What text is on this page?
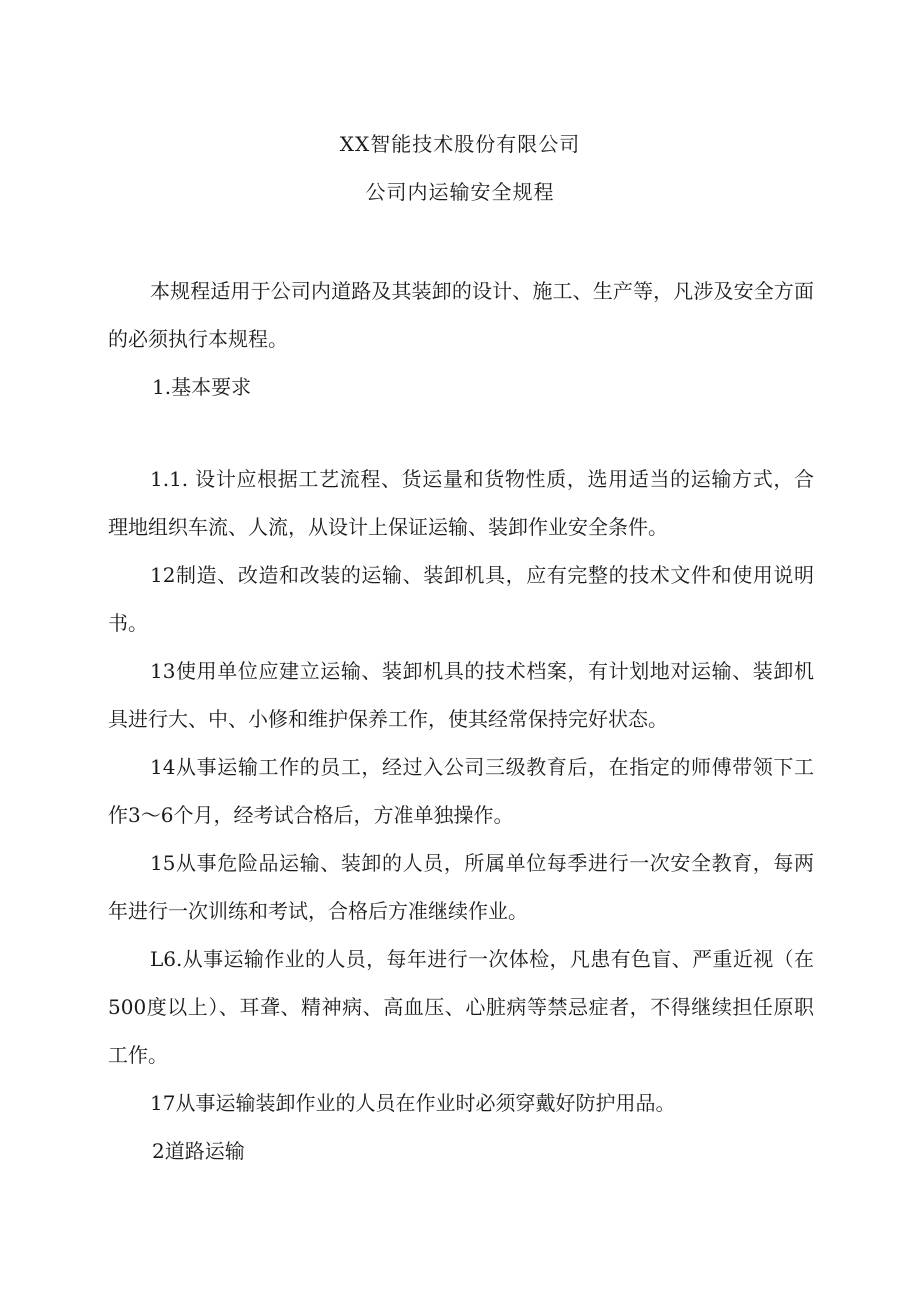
XX智能技术股份有限公司
公司内运输安全规程

本规程适用于公司内道路及其装卸的设计、施工、生产等，凡涉及安全方面的必须执行本规程。

1.基本要求

1.1. 设计应根据工艺流程、货运量和货物性质，选用适当的运输方式，合理地组织车流、人流，从设计上保证运输、装卸作业安全条件。

12制造、改造和改装的运输、装卸机具，应有完整的技术文件和使用说明书。

13使用单位应建立运输、装卸机具的技术档案，有计划地对运输、装卸机具进行大、中、小修和维护保养工作，使其经常保持完好状态。

14从事运输工作的员工，经过入公司三级教育后，在指定的师傅带领下工作3～6个月，经考试合格后，方准单独操作。

15从事危险品运输、装卸的人员，所属单位每季进行一次安全教育，每两年进行一次训练和考试，合格后方准继续作业。

L6.从事运输作业的人员，每年进行一次体检，凡患有色盲、严重近视（在500度以上）、耳聋、精神病、高血压、心脏病等禁忌症者，不得继续担任原职工作。

17从事运输装卸作业的人员在作业时必须穿戴好防护用品。

2道路运输
